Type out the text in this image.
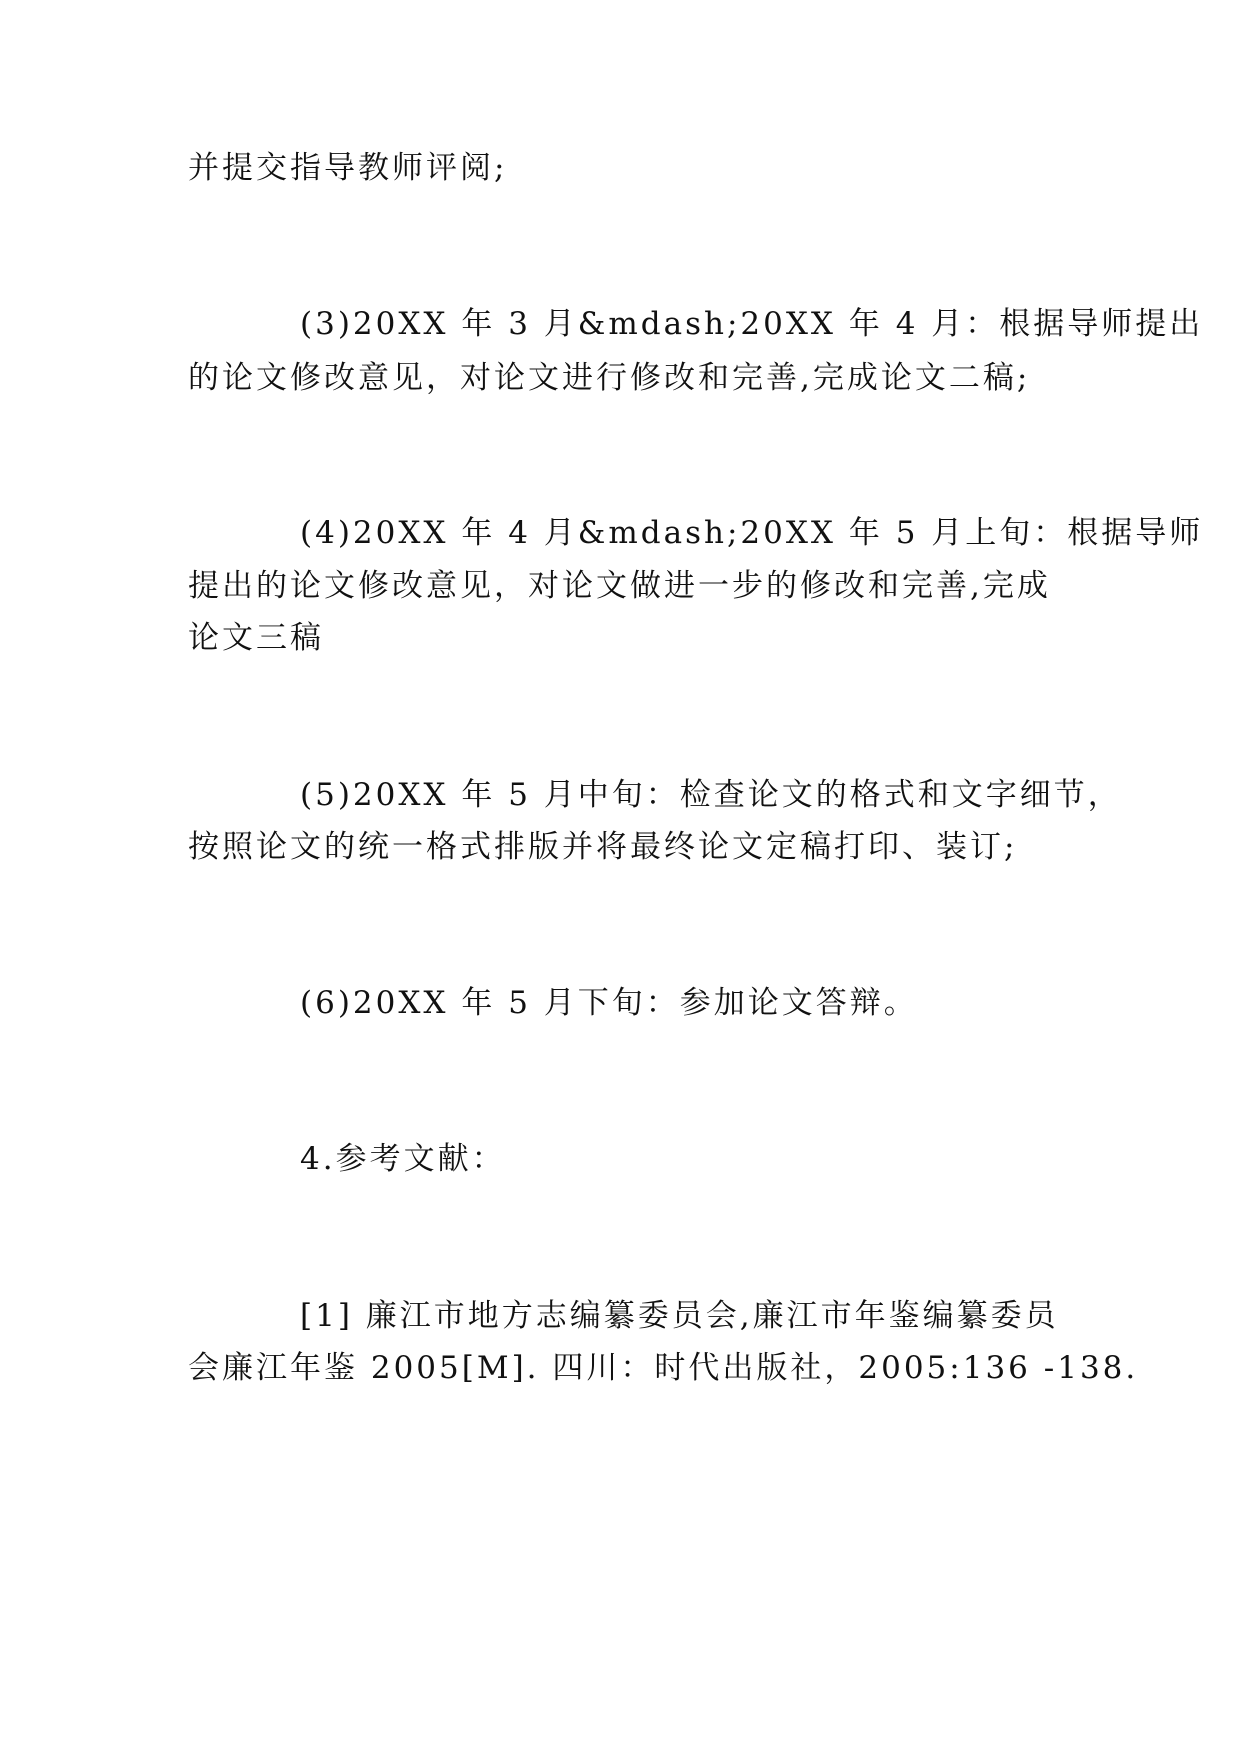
并提交指导教师评阅;
(3)20XX 年 3 月&mdash;20XX 年 4 月：根据导师提出
的论文修改意见，对论文进行修改和完善,完成论文二稿;
(4)20XX 年 4 月&mdash;20XX 年 5 月上旬：根据导师
提出的论文修改意见，对论文做进一步的修改和完善,完成
论文三稿
(5)20XX 年 5 月中旬：检查论文的格式和文字细节，
按照论文的统一格式排版并将最终论文定稿打印、装订;
(6)20XX 年 5 月下旬：参加论文答辩。
4.参考文献：
[1] 廉江市地方志编纂委员会,廉江市年鉴编纂委员
会廉江年鉴 2005[M]. 四川：时代出版社，2005:136 -138.
